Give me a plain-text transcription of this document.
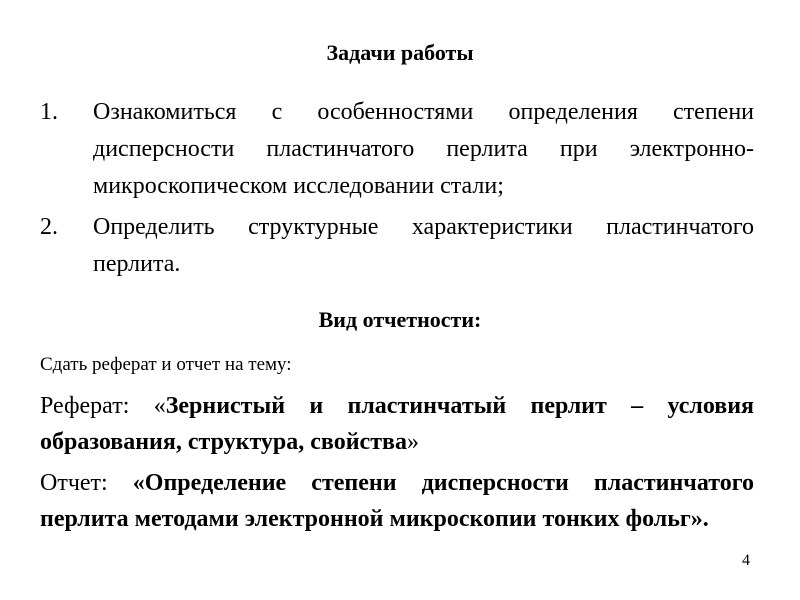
Задачи работы
1. Ознакомиться с особенностями определения степени дисперсности пластинчатого перлита при электронно-микроскопическом исследовании стали;
2. Определить структурные характеристики пластинчатого перлита.
Вид отчетности:

Сдать реферат и отчет на тему:

Реферат: «Зернистый и пластинчатый перлит – условия образования, структура, свойства»

Отчет: «Определение степени дисперсности пластинчатого перлита методами электронной микроскопии тонких фольг».

4
